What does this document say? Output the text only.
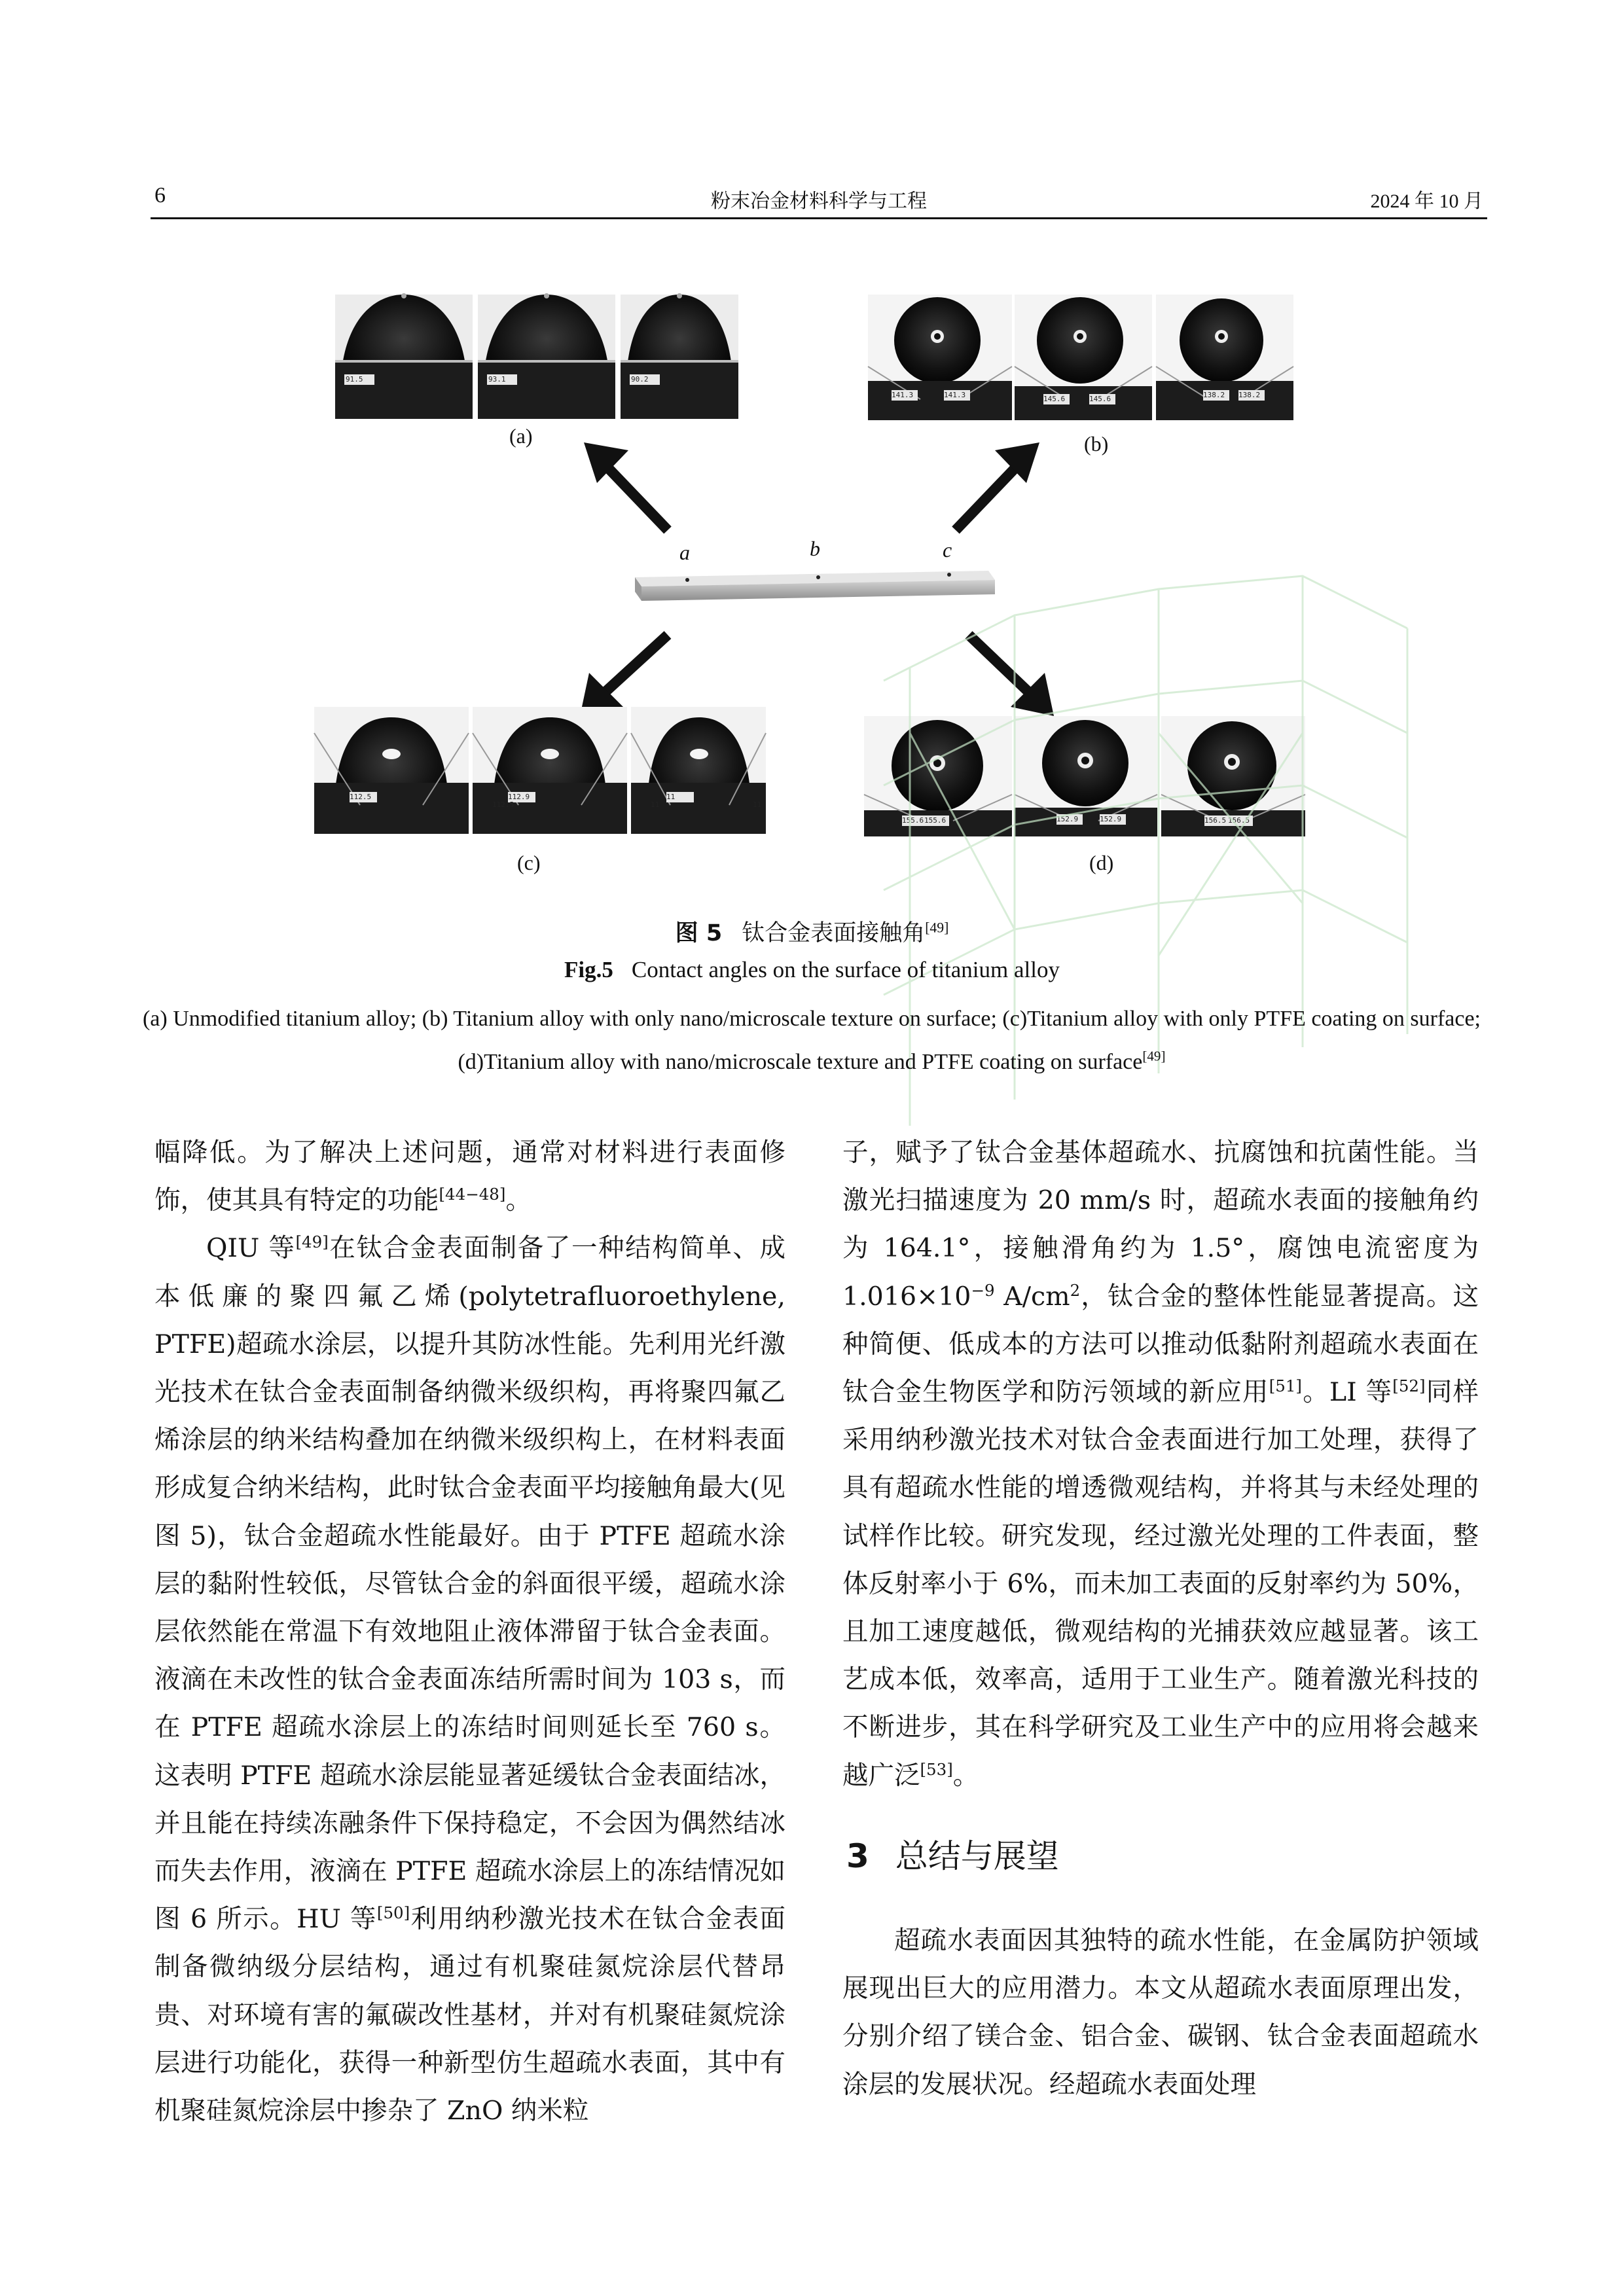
6	粉末冶金材料科学与工程	2024 年 10 月
91.5	93.1	90.2
141.3	141.3	145.6	145.6	138.2 138.2
112.5
112.5
112.9
11
11
11
155.6 155.6	152.9	152.9	156.5 156.5
(a)	(b)
(c)	(d)
a	b	c
图 5 钛合金表面接触角[49]
Fig.5 Contact angles on the surface of titanium alloy
(a) Unmodified titanium alloy; (b) Titanium alloy with only nano/microscale texture on surface; (c)Titanium alloy with only PTFE coating on surface; (d)Titanium alloy with nano/microscale texture and PTFE coating on surface[49]

幅降低。为了解决上述问题，通常对材料进行表面修饰，使其具有特定的功能[44−48]。

QIU 等[49]在钛合金表面制备了一种结构简单、成本低廉的聚四氟乙烯(polytetrafluoroethylene, PTFE)超疏水涂层，以提升其防冰性能。先利用光纤激光技术在钛合金表面制备纳微米级织构，再将聚四氟乙烯涂层的纳米结构叠加在纳微米级织构上，在材料表面形成复合纳米结构，此时钛合金表面平均接触角最大(见图 5)，钛合金超疏水性能最好。由于 PTFE 超疏水涂层的黏附性较低，尽管钛合金的斜面很平缓，超疏水涂层依然能在常温下有效地阻止液体滞留于钛合金表面。液滴在未改性的钛合金表面冻结所需时间为 103 s，而在 PTFE 超疏水涂层上的冻结时间则延长至 760 s。这表明 PTFE 超疏水涂层能显著延缓钛合金表面结冰，并且能在持续冻融条件下保持稳定，不会因为偶然结冰而失去作用，液滴在 PTFE 超疏水涂层上的冻结情况如图 6 所示。HU 等[50]利用纳秒激光技术在钛合金表面制备微纳级分层结构，通过有机聚硅氮烷涂层代替昂贵、对环境有害的氟碳改性基材，并对有机聚硅氮烷涂层进行功能化，获得一种新型仿生超疏水表面，其中有机聚硅氮烷涂层中掺杂了 ZnO 纳米粒

子，赋予了钛合金基体超疏水、抗腐蚀和抗菌性能。当激光扫描速度为 20 mm/s 时，超疏水表面的接触角约为 164.1°，接触滑角约为 1.5°，腐蚀电流密度为 $1.016\times 10^{-9}$ $A/cm^2$，钛合金的整体性能显著提高。这种简便、低成本的方法可以推动低黏附剂超疏水表面在钛合金生物医学和防污领域的新应用[51]。LI 等[52]同样采用纳秒激光技术对钛合金表面进行加工处理，获得了具有超疏水性能的增透微观结构，并将其与未经处理的试样作比较。研究发现，经过激光处理的工件表面，整体反射率小于 6%，而未加工表面的反射率约为 50%，且加工速度越低，微观结构的光捕获效应越显著。该工艺成本低，效率高，适用于工业生产。随着激光科技的不断进步，其在科学研究及工业生产中的应用将会越来越广泛[53]。

3 总结与展望

超疏水表面因其独特的疏水性能，在金属防护领域展现出巨大的应用潜力。本文从超疏水表面原理出发，分别介绍了镁合金、铝合金、碳钢、钛合金表面超疏水涂层的发展状况。经超疏水表面处理
